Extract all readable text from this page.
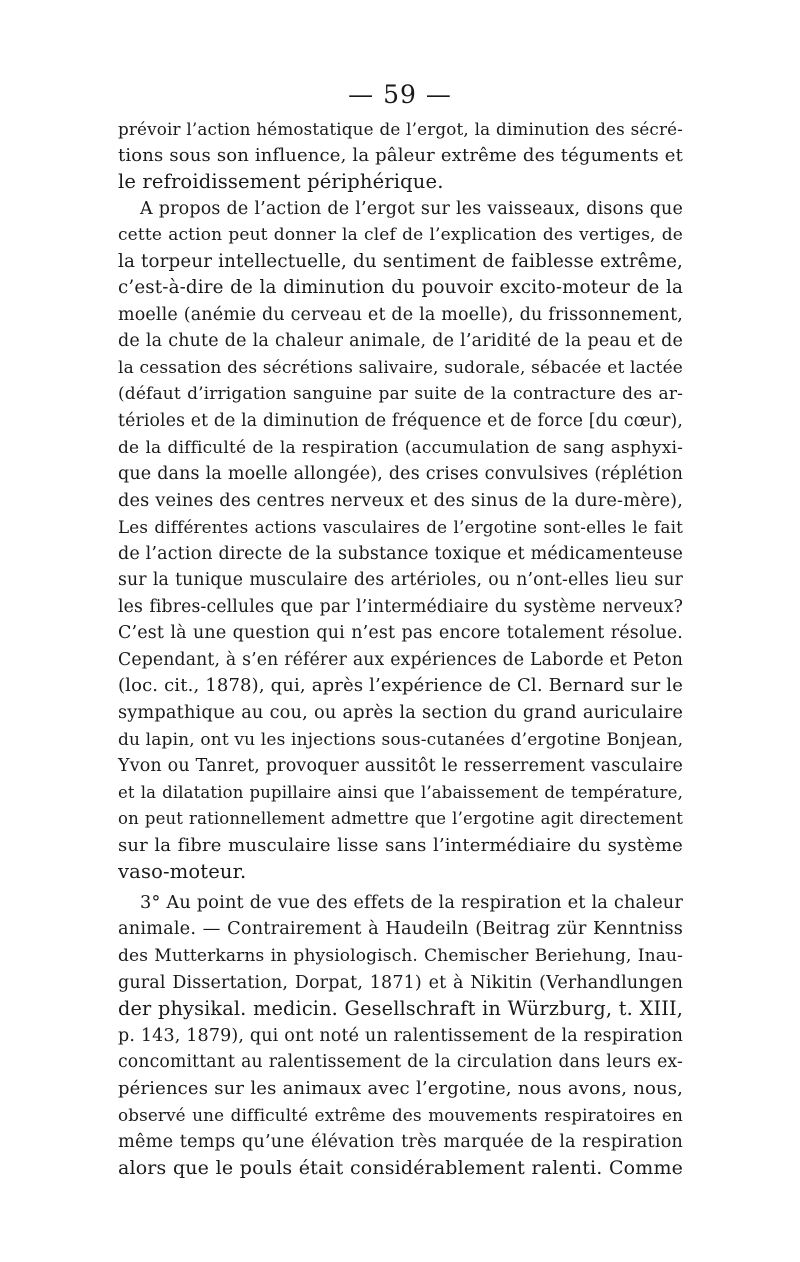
— 59 —
prévoir l’action hémostatique de l’ergot, la diminution des sécré-
tions sous son influence, la pâleur extrême des téguments et
le refroidissement périphérique.
A propos de l’action de l’ergot sur les vaisseaux, disons que
cette action peut donner la clef de l’explication des vertiges, de
la torpeur intellectuelle, du sentiment de faiblesse extrême,
c’est-à-dire de la diminution du pouvoir excito-moteur de la
moelle (anémie du cerveau et de la moelle), du frissonnement,
de la chute de la chaleur animale, de l’aridité de la peau et de
la cessation des sécrétions salivaire, sudorale, sébacée et lactée
(défaut d’irrigation sanguine par suite de la contracture des ar-
térioles et de la diminution de fréquence et de force [du cœur),
de la difficulté de la respiration (accumulation de sang asphyxi-
que dans la moelle allongée), des crises convulsives (réplétion
des veines des centres nerveux et des sinus de la dure-mère),
Les différentes actions vasculaires de l’ergotine sont-elles le fait
de l’action directe de la substance toxique et médicamenteuse
sur la tunique musculaire des artérioles, ou n’ont-elles lieu sur
les fibres-cellules que par l’intermédiaire du système nerveux?
C’est là une question qui n’est pas encore totalement résolue.
Cependant, à s’en référer aux expériences de Laborde et Peton
(loc. cit., 1878), qui, après l’expérience de Cl. Bernard sur le
sympathique au cou, ou après la section du grand auriculaire
du lapin, ont vu les injections sous-cutanées d’ergotine Bonjean,
Yvon ou Tanret, provoquer aussitôt le resserrement vasculaire
et la dilatation pupillaire ainsi que l’abaissement de température,
on peut rationnellement admettre que l’ergotine agit directement
sur la fibre musculaire lisse sans l’intermédiaire du système
vaso-moteur.
3° Au point de vue des effets de la respiration et la chaleur
animale. — Contrairement à Haudeiln (Beitrag zür Kenntniss
des Mutterkarns in physiologisch. Chemischer Beriehung, Inau-
gural Dissertation, Dorpat, 1871) et à Nikitin (Verhandlungen
der physikal. medicin. Gesellschraft in Würzburg, t. XIII,
p. 143, 1879), qui ont noté un ralentissement de la respiration
concomittant au ralentissement de la circulation dans leurs ex-
périences sur les animaux avec l’ergotine, nous avons, nous,
observé une difficulté extrême des mouvements respiratoires en
même temps qu’une élévation très marquée de la respiration
alors que le pouls était considérablement ralenti. Comme
